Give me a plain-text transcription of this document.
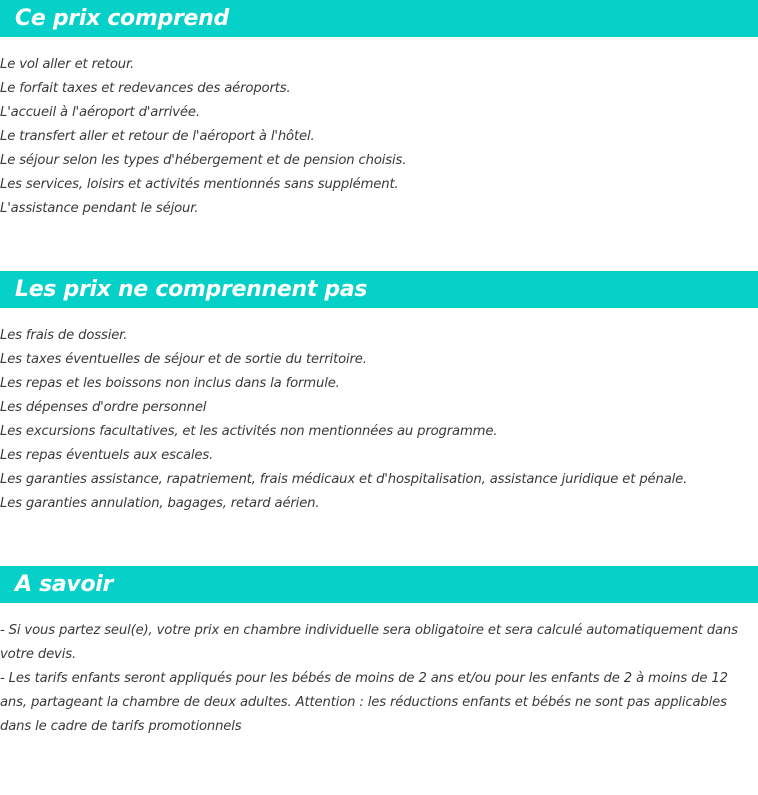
Ce prix comprend
Le vol aller et retour.
Le forfait taxes et redevances des aéroports.
L'accueil à l'aéroport d'arrivée.
Le transfert aller et retour de l'aéroport à l'hôtel.
Le séjour selon les types d'hébergement et de pension choisis.
Les services, loisirs et activités mentionnés sans supplément.
L'assistance pendant le séjour.
Les prix ne comprennent pas
Les frais de dossier.
Les taxes éventuelles de séjour et de sortie du territoire.
Les repas et les boissons non inclus dans la formule.
Les dépenses d'ordre personnel
Les excursions facultatives, et les activités non mentionnées au programme.
Les repas éventuels aux escales.
Les garanties assistance, rapatriement, frais médicaux et d'hospitalisation, assistance juridique et pénale.
Les garanties annulation, bagages, retard aérien.
A savoir
- Si vous partez seul(e), votre prix en chambre individuelle sera obligatoire et sera calculé automatiquement dans votre devis.
- Les tarifs enfants seront appliqués pour les bébés de moins de 2 ans et/ou pour les enfants de 2 à moins de 12 ans, partageant la chambre de deux adultes. Attention : les réductions enfants et bébés ne sont pas applicables dans le cadre de tarifs promotionnels
